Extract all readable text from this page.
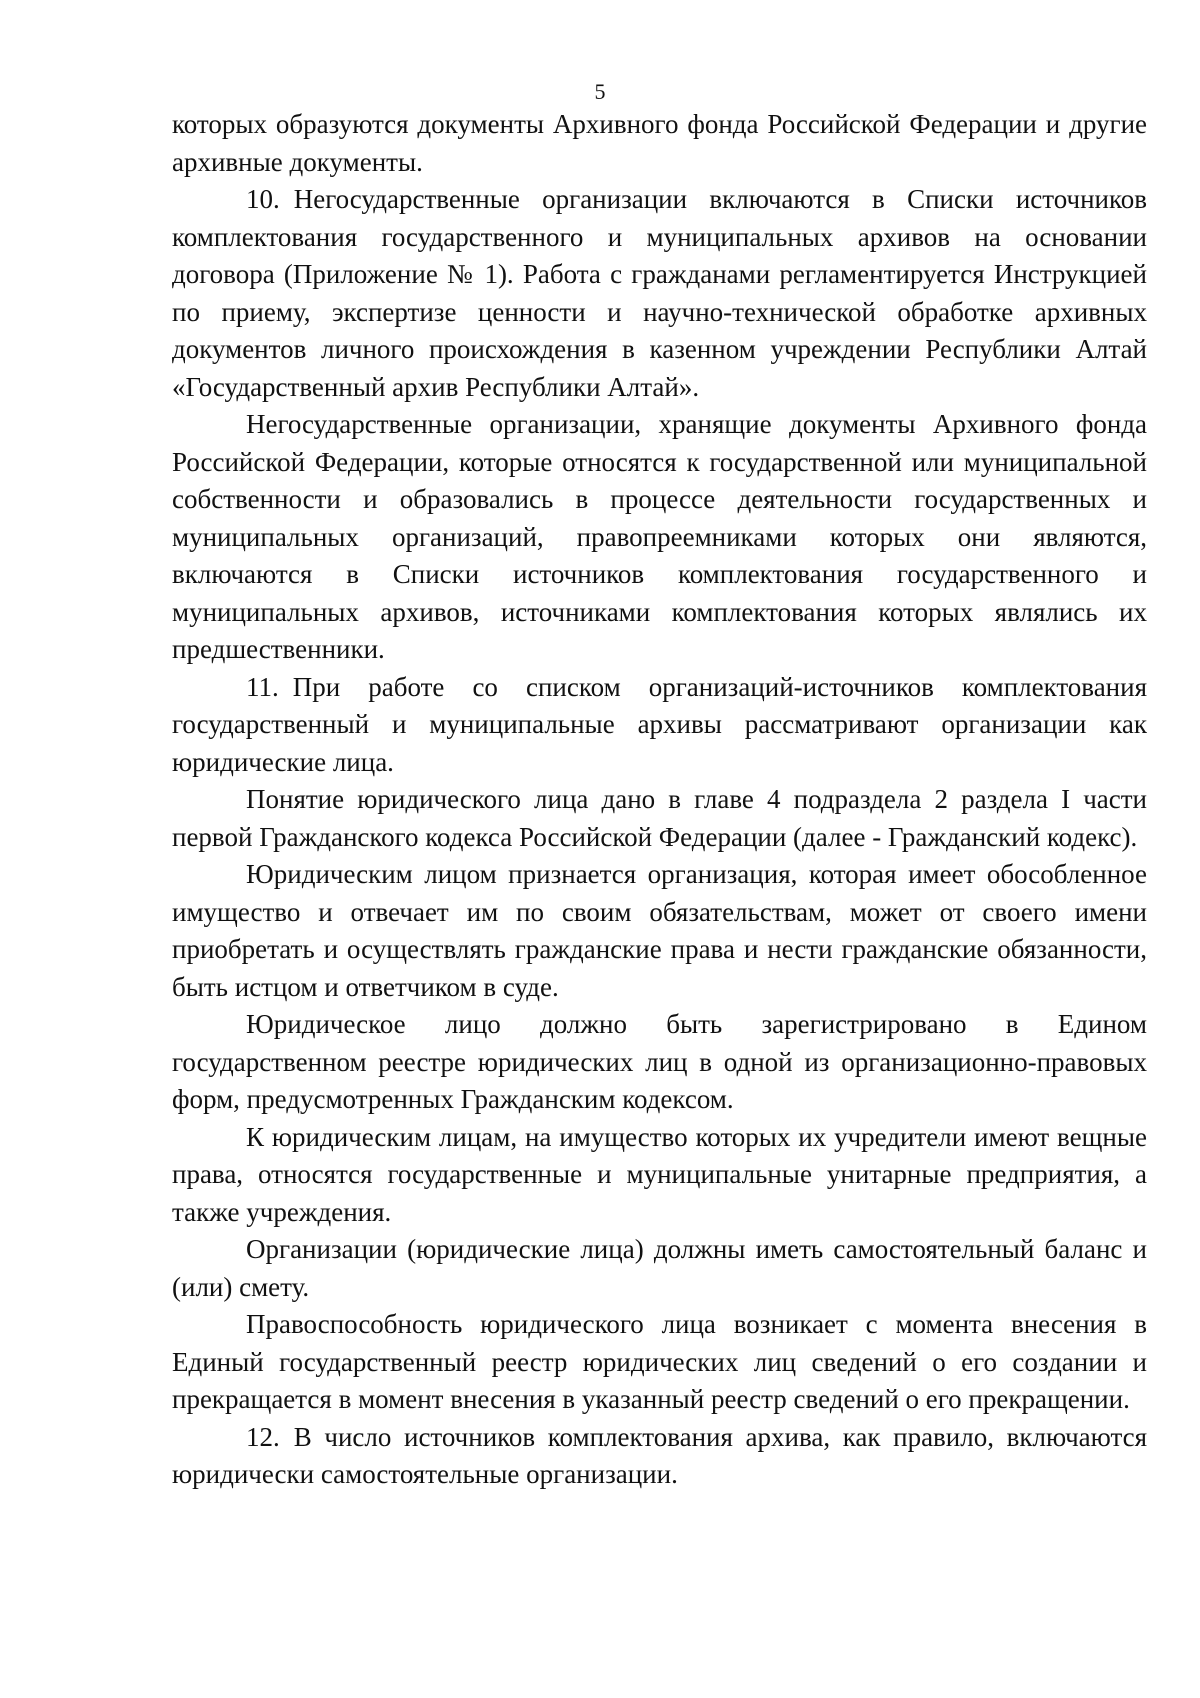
5

которых образуются документы Архивного фонда Российской Федерации и другие архивные документы.

10. Негосударственные организации включаются в Списки источников комплектования государственного и муниципальных архивов на основании договора (Приложение № 1). Работа с гражданами регламентируется Инструкцией по приему, экспертизе ценности и научно-технической обработке архивных документов личного происхождения в казенном учреждении Республики Алтай «Государственный архив Республики Алтай».

Негосударственные организации, хранящие документы Архивного фонда Российской Федерации, которые относятся к государственной или муниципальной собственности и образовались в процессе деятельности государственных и муниципальных организаций, правопреемниками которых они являются, включаются в Списки источников комплектования государственного и муниципальных архивов, источниками комплектования которых являлись их предшественники.

11. При работе со списком организаций-источников комплектования государственный и муниципальные архивы рассматривают организации как юридические лица.

Понятие юридического лица дано в главе 4 подраздела 2 раздела I части первой Гражданского кодекса Российской Федерации (далее - Гражданский кодекс).

Юридическим лицом признается организация, которая имеет обособленное имущество и отвечает им по своим обязательствам, может от своего имени приобретать и осуществлять гражданские права и нести гражданские обязанности, быть истцом и ответчиком в суде.

Юридическое лицо должно быть зарегистрировано в Едином государственном реестре юридических лиц в одной из организационно-правовых форм, предусмотренных Гражданским кодексом.

К юридическим лицам, на имущество которых их учредители имеют вещные права, относятся государственные и муниципальные унитарные предприятия, а также учреждения.

Организации (юридические лица) должны иметь самостоятельный баланс и (или) смету.

Правоспособность юридического лица возникает с момента внесения в Единый государственный реестр юридических лиц сведений о его создании и прекращается в момент внесения в указанный реестр сведений о его прекращении.

12. В число источников комплектования архива, как правило, включаются юридически самостоятельные организации.
